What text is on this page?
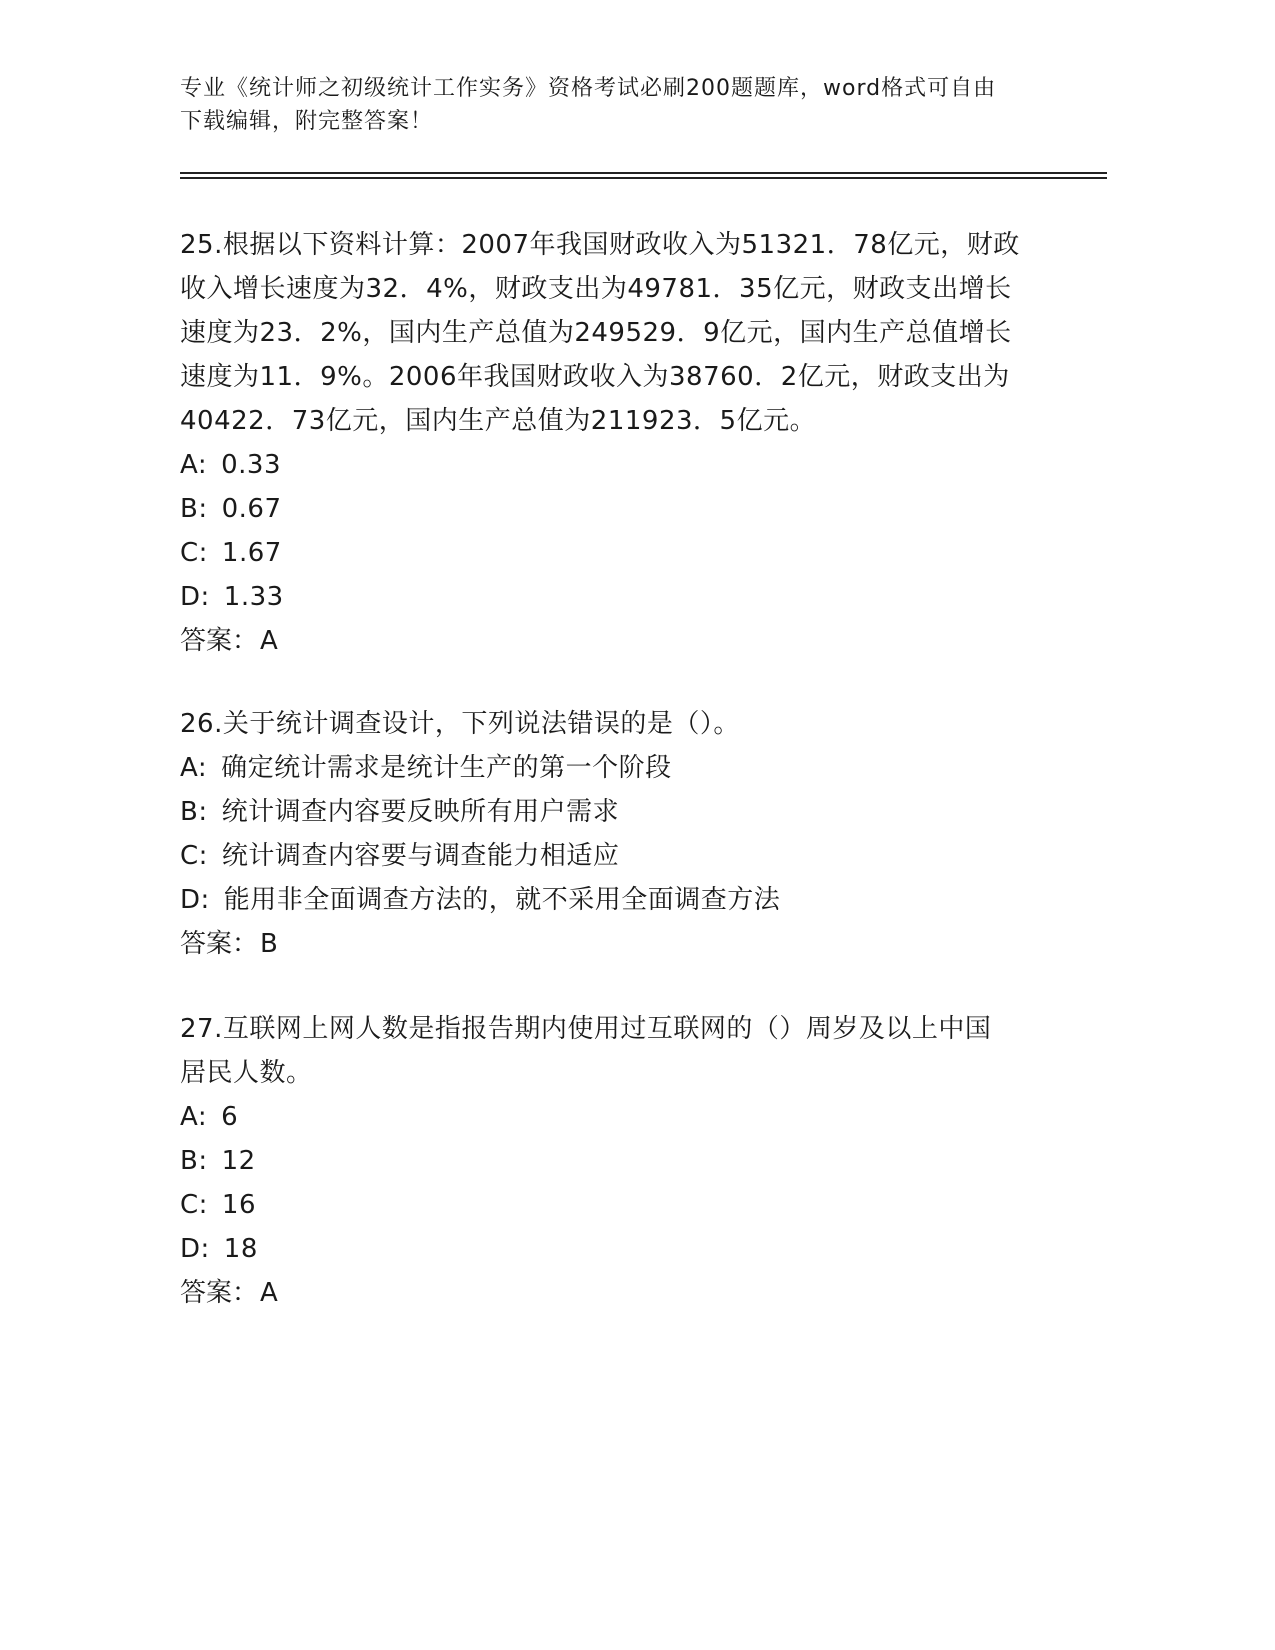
专业《统计师之初级统计工作实务》资格考试必刷200题题库，word格式可自由
下载编辑，附完整答案！

25.根据以下资料计算：2007年我国财政收入为51321．78亿元，财政

收入增长速度为32．4%，财政支出为49781．35亿元，财政支出增长

速度为23．2%，国内生产总值为249529．9亿元，国内生产总值增长

速度为11．9%。2006年我国财政收入为38760．2亿元，财政支出为

40422．73亿元，国内生产总值为211923．5亿元。

A: 0.33

B: 0.67

C: 1.67

D: 1.33

答案：A

26.关于统计调查设计，下列说法错误的是（）。

A: 确定统计需求是统计生产的第一个阶段

B: 统计调查内容要反映所有用户需求

C: 统计调查内容要与调查能力相适应

D: 能用非全面调查方法的，就不采用全面调查方法

答案：B

27.互联网上网人数是指报告期内使用过互联网的（）周岁及以上中国

居民人数。

A: 6

B: 12

C: 16

D: 18

答案：A
